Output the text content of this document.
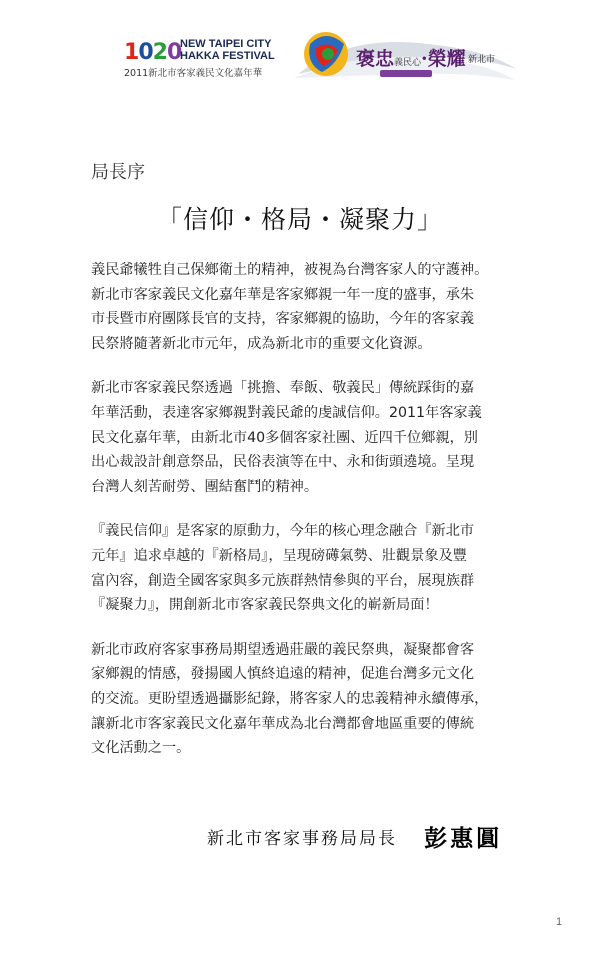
1020
NEW TAIPEI CITY
HAKKA FESTIVAL
2011新北市客家義民文化嘉年華
褒忠義民心·榮耀 新北市
局長序
「信仰・格局・凝聚力」

義民爺犧牲自己保鄉衛土的精神，被視為台灣客家人的守護神。
新北市客家義民文化嘉年華是客家鄉親一年一度的盛事，承朱
市長暨市府團隊長官的支持，客家鄉親的協助，今年的客家義
民祭將隨著新北市元年，成為新北市的重要文化資源。

新北市客家義民祭透過「挑擔、奉飯、敬義民」傳統踩街的嘉
年華活動，表達客家鄉親對義民爺的虔誠信仰。2011年客家義
民文化嘉年華，由新北市40多個客家社團、近四千位鄉親，別
出心裁設計創意祭品，民俗表演等在中、永和街頭遶境。呈現
台灣人刻苦耐勞、團結奮鬥的精神。

『義民信仰』是客家的原動力，今年的核心理念融合『新北市
元年』追求卓越的『新格局』，呈現磅礡氣勢、壯觀景象及豐
富內容，創造全國客家與多元族群熱情參與的平台，展現族群
『凝聚力』，開創新北市客家義民祭典文化的嶄新局面！

新北市政府客家事務局期望透過莊嚴的義民祭典，凝聚都會客
家鄉親的情感，發揚國人慎終追遠的精神，促進台灣多元文化
的交流。更盼望透過攝影紀錄，將客家人的忠義精神永續傳承，
讓新北市客家義民文化嘉年華成為北台灣都會地區重要的傳統
文化活動之一。

新北市客家事務局局長 彭惠圓
1
